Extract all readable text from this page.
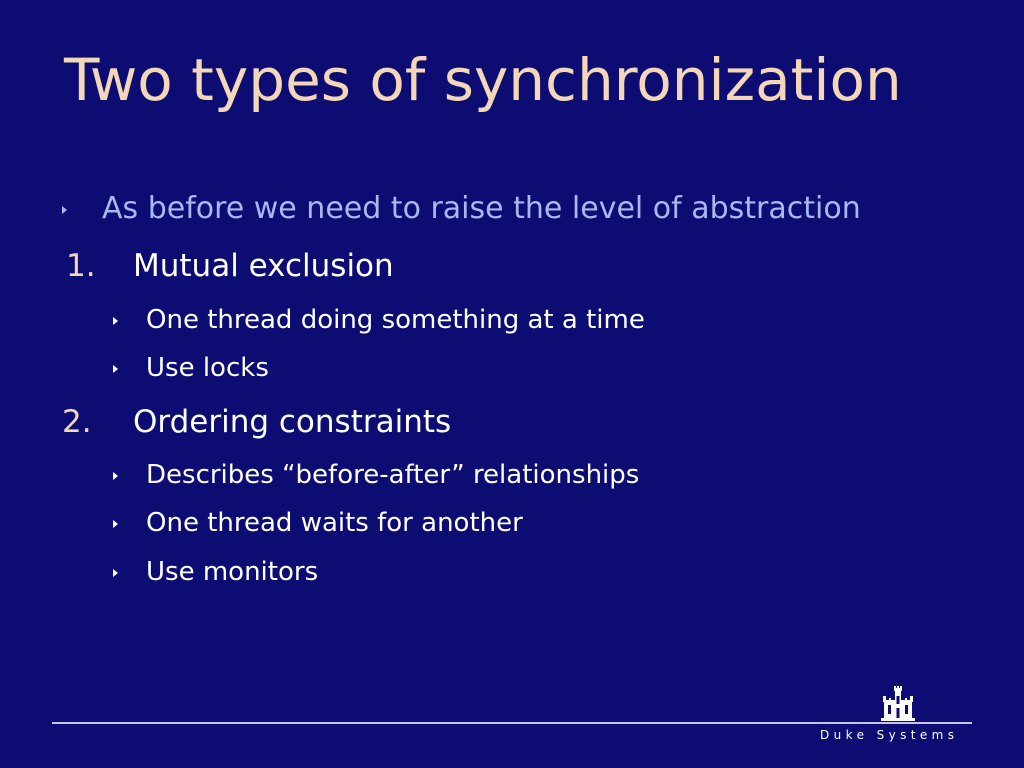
Two types of synchronization
As before we need to raise the level of abstraction
1. Mutual exclusion
One thread doing something at a time
Use locks
2. Ordering constraints
Describes “before-after” relationships
One thread waits for another
Use monitors
Duke Systems
